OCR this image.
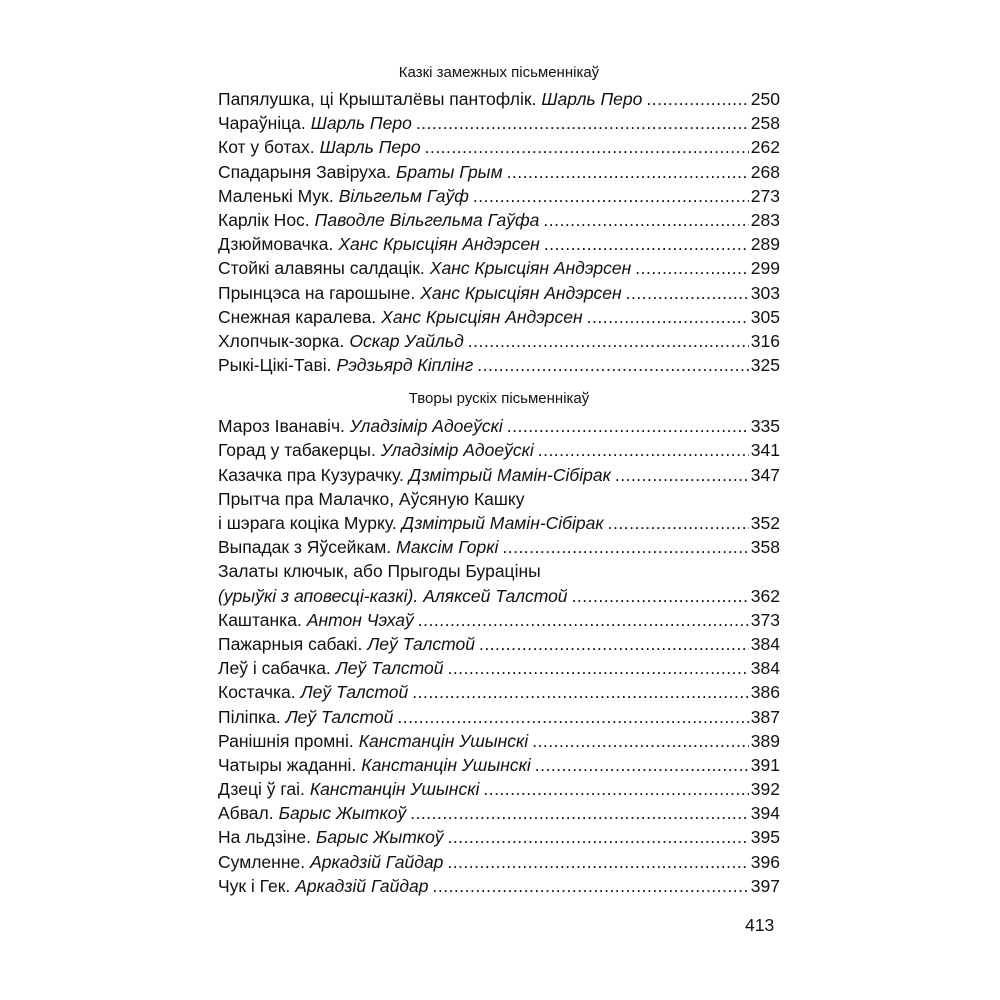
Казкі замежных пісьменнікаў
Папялушка, ці Крышталёвы пантофлік. Шарль Перо .....	250
Чараўніца. Шарль Перо .....	258
Кот у ботах. Шарль Перо .....	262
Спадарыня Завіруха. Браты Грым .....	268
Маленькі Мук. Вільгельм Гаўф .....	273
Карлік Нос. Паводле Вільгельма Гаўфа .....	283
Дзюймовачка. Ханс Крысціян Андэрсен .....	289
Стойкі алавяны салдацік. Ханс Крысціян Андэрсен .....	299
Прынцэса на гарошыне. Ханс Крысціян Андэрсен .....	303
Снежная каралева. Ханс Крысціян Андэрсен .....	305
Хлопчык-зорка. Оскар Уайльд .....	316
Рыкі-Цікі-Таві. Рэдзьярд Кіплінг .....	325
Творы рускіх пісьменнікаў
Мароз Іванавіч. Уладзімір Адоеўскі .....	335
Горад у табакерцы. Уладзімір Адоеўскі .....	341
Казачка пра Кузурачку. Дзмітрый Мамін-Сібірак .....	347
Прытча пра Малачко, Аўсяную Кашку
і шэрага коціка Мурку. Дзмітрый Мамін-Сібірак .....	352
Выпадак з Яўсейкам. Максім Горкі .....	358
Залаты ключык, або Прыгоды Бураціны
(урыўкі з аповесці-казкі). Аляксей Талстой .....	362
Каштанка. Антон Чэхаў .....	373
Пажарныя сабакі. Леў Талстой .....	384
Леў і сабачка. Леў Талстой .....	384
Костачка. Леў Талстой .....	386
Піліпка. Леў Талстой .....	387
Ранішнія промні. Канстанцін Ушынскі .....	389
Чатыры жаданні. Канстанцін Ушынскі .....	391
Дзеці ў гаі. Канстанцін Ушынскі .....	392
Абвал. Барыс Жыткоў .....	394
На льдзіне. Барыс Жыткоў .....	395
Сумленне. Аркадзій Гайдар .....	396
Чук і Гек. Аркадзій Гайдар .....	397
413
